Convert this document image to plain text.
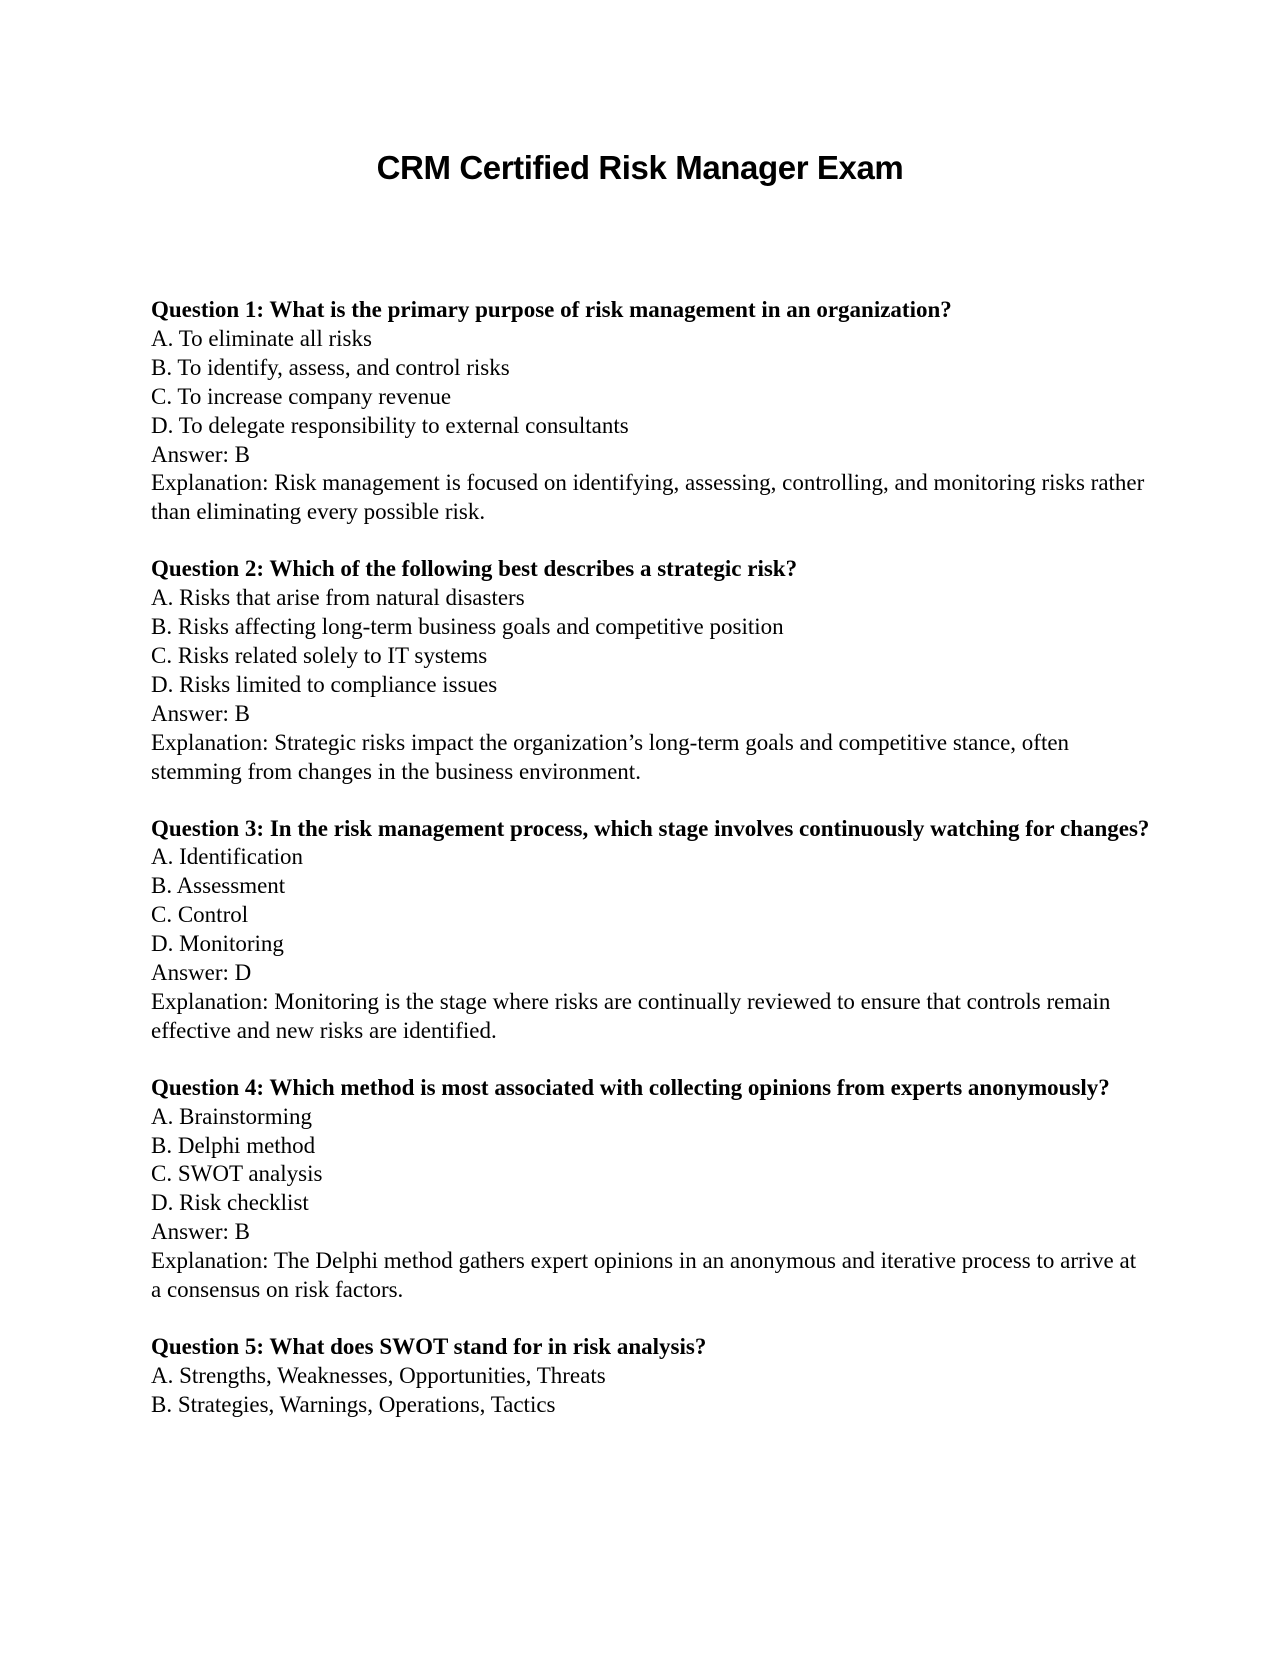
CRM Certified Risk Manager Exam
Question 1: What is the primary purpose of risk management in an organization?
A. To eliminate all risks
B. To identify, assess, and control risks
C. To increase company revenue
D. To delegate responsibility to external consultants
Answer: B
Explanation: Risk management is focused on identifying, assessing, controlling, and monitoring risks rather than eliminating every possible risk.
Question 2: Which of the following best describes a strategic risk?
A. Risks that arise from natural disasters
B. Risks affecting long-term business goals and competitive position
C. Risks related solely to IT systems
D. Risks limited to compliance issues
Answer: B
Explanation: Strategic risks impact the organization’s long-term goals and competitive stance, often stemming from changes in the business environment.
Question 3: In the risk management process, which stage involves continuously watching for changes?
A. Identification
B. Assessment
C. Control
D. Monitoring
Answer: D
Explanation: Monitoring is the stage where risks are continually reviewed to ensure that controls remain effective and new risks are identified.
Question 4: Which method is most associated with collecting opinions from experts anonymously?
A. Brainstorming
B. Delphi method
C. SWOT analysis
D. Risk checklist
Answer: B
Explanation: The Delphi method gathers expert opinions in an anonymous and iterative process to arrive at a consensus on risk factors.
Question 5: What does SWOT stand for in risk analysis?
A. Strengths, Weaknesses, Opportunities, Threats
B. Strategies, Warnings, Operations, Tactics
